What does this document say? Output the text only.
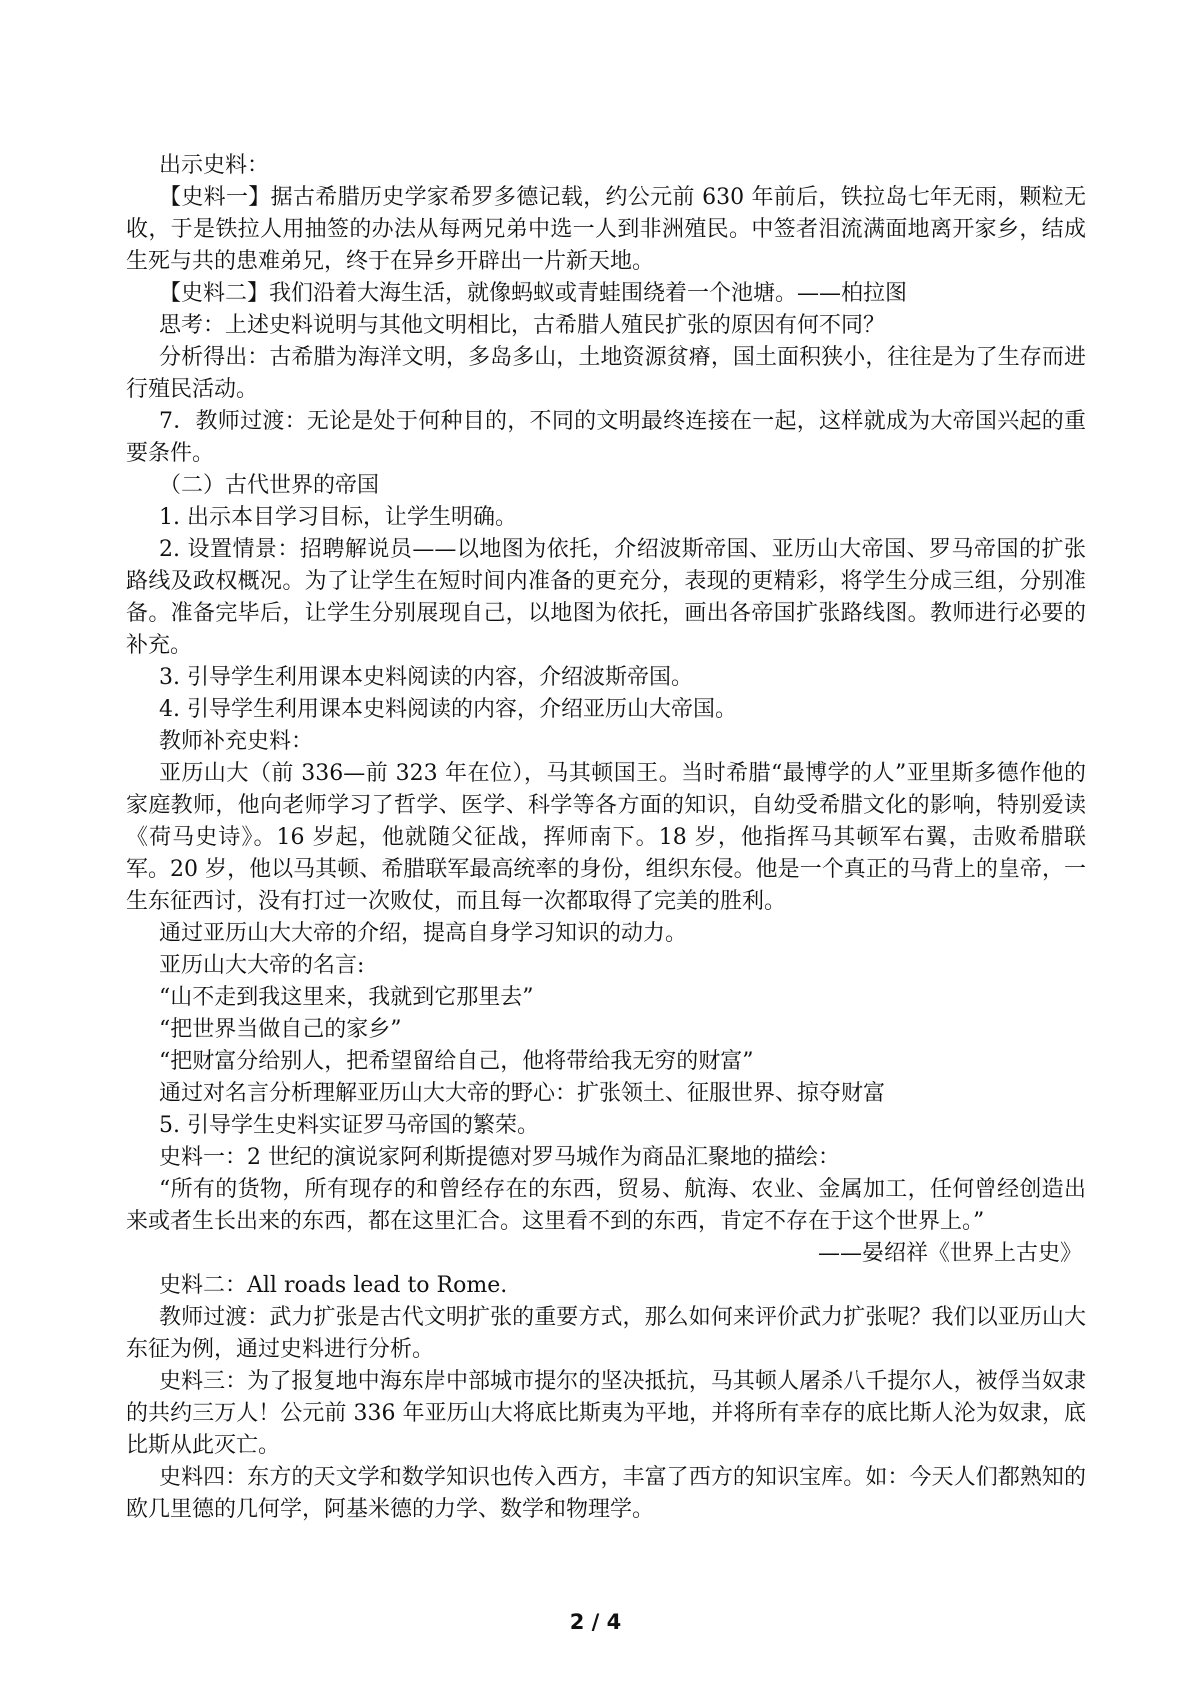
出示史料：

【史料一】据古希腊历史学家希罗多德记载，约公元前 630 年前后，铁拉岛七年无雨，颗粒无收，于是铁拉人用抽签的办法从每两兄弟中选一人到非洲殖民。中签者泪流满面地离开家乡，结成生死与共的患难弟兄，终于在异乡开辟出一片新天地。

【史料二】我们沿着大海生活，就像蚂蚁或青蛙围绕着一个池塘。——柏拉图

思考：上述史料说明与其他文明相比，古希腊人殖民扩张的原因有何不同？

分析得出：古希腊为海洋文明，多岛多山，土地资源贫瘠，国土面积狭小，往往是为了生存而进行殖民活动。

7．教师过渡：无论是处于何种目的，不同的文明最终连接在一起，这样就成为大帝国兴起的重要条件。

（二）古代世界的帝国

1. 出示本目学习目标，让学生明确。

2. 设置情景：招聘解说员——以地图为依托，介绍波斯帝国、亚历山大帝国、罗马帝国的扩张路线及政权概况。为了让学生在短时间内准备的更充分，表现的更精彩，将学生分成三组，分别准备。准备完毕后，让学生分别展现自己，以地图为依托，画出各帝国扩张路线图。教师进行必要的补充。

3. 引导学生利用课本史料阅读的内容，介绍波斯帝国。

4. 引导学生利用课本史料阅读的内容，介绍亚历山大帝国。

教师补充史料：

亚历山大（前 336—前 323 年在位），马其顿国王。当时希腊“最博学的人”亚里斯多德作他的家庭教师，他向老师学习了哲学、医学、科学等各方面的知识，自幼受希腊文化的影响，特别爱读《荷马史诗》。16 岁起，他就随父征战，挥师南下。18 岁，他指挥马其顿军右翼，击败希腊联军。20 岁，他以马其顿、希腊联军最高统率的身份，组织东侵。他是一个真正的马背上的皇帝，一生东征西讨，没有打过一次败仗，而且每一次都取得了完美的胜利。

通过亚历山大大帝的介绍，提高自身学习知识的动力。

亚历山大大帝的名言:

“山不走到我这里来，我就到它那里去”

“把世界当做自己的家乡”

“把财富分给别人，把希望留给自己，他将带给我无穷的财富”

通过对名言分析理解亚历山大大帝的野心：扩张领土、征服世界、掠夺财富

5. 引导学生史料实证罗马帝国的繁荣。

史料一：2 世纪的演说家阿利斯提德对罗马城作为商品汇聚地的描绘：

“所有的货物，所有现存的和曾经存在的东西，贸易、航海、农业、金属加工，任何曾经创造出来或者生长出来的东西，都在这里汇合。这里看不到的东西，肯定不存在于这个世界上。”

——晏绍祥《世界上古史》

史料二：All roads lead to Rome.

教师过渡：武力扩张是古代文明扩张的重要方式，那么如何来评价武力扩张呢？我们以亚历山大东征为例，通过史料进行分析。

史料三：为了报复地中海东岸中部城市提尔的坚决抵抗，马其顿人屠杀八千提尔人，被俘当奴隶的共约三万人！公元前 336 年亚历山大将底比斯夷为平地，并将所有幸存的底比斯人沦为奴隶，底比斯从此灭亡。

史料四：东方的天文学和数学知识也传入西方，丰富了西方的知识宝库。如：今天人们都熟知的欧几里德的几何学，阿基米德的力学、数学和物理学。

2 / 4
